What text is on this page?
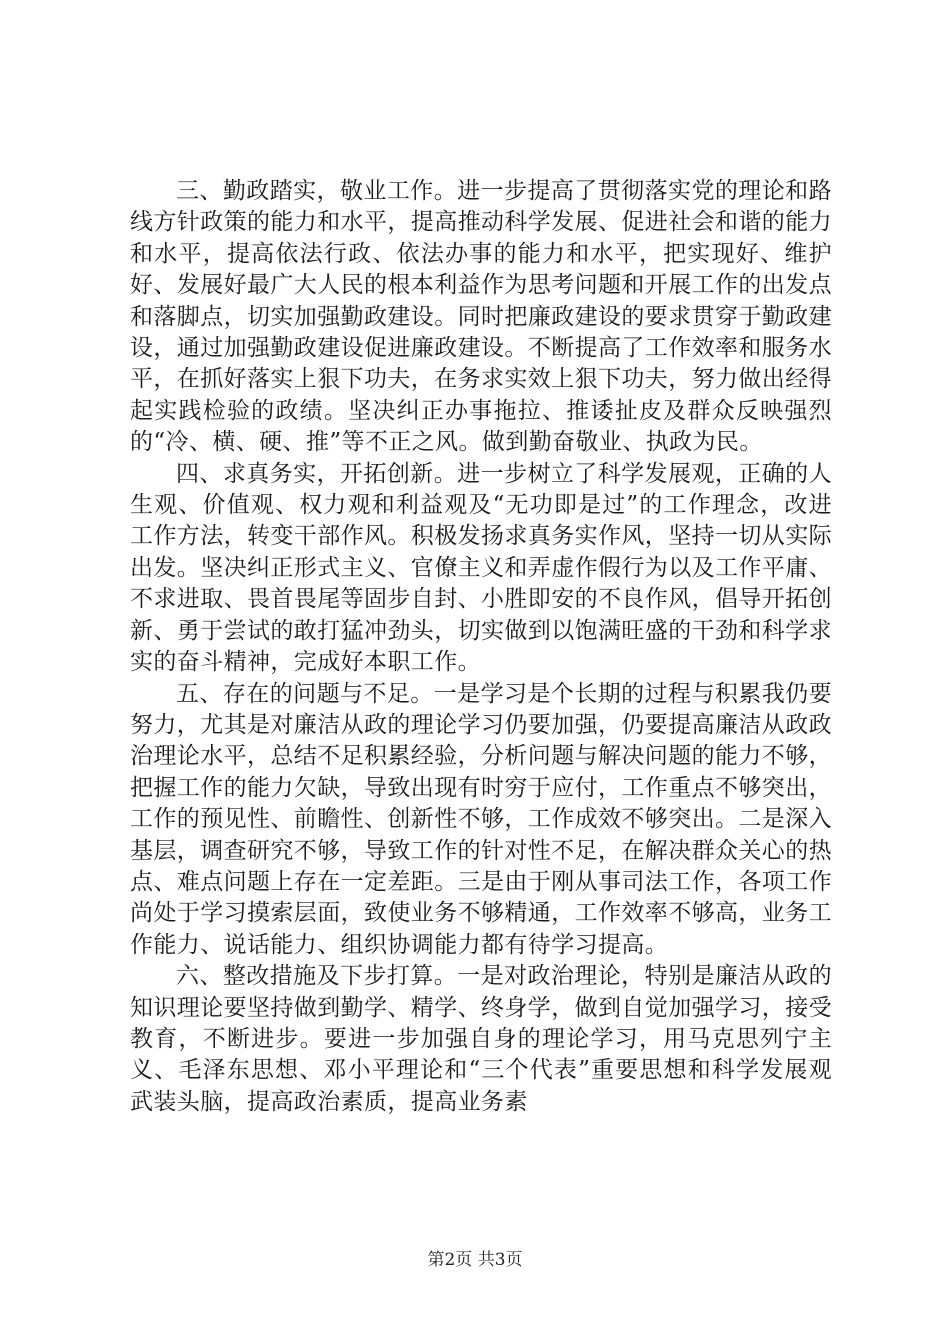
三、勤政踏实，敬业工作。进一步提高了贯彻落实党的理论和路线方针政策的能力和水平，提高推动科学发展、促进社会和谐的能力和水平，提高依法行政、依法办事的能力和水平，把实现好、维护好、发展好最广大人民的根本利益作为思考问题和开展工作的出发点和落脚点，切实加强勤政建设。同时把廉政建设的要求贯穿于勤政建设，通过加强勤政建设促进廉政建设。不断提高了工作效率和服务水平，在抓好落实上狠下功夫，在务求实效上狠下功夫，努力做出经得起实践检验的政绩。坚决纠正办事拖拉、推诿扯皮及群众反映强烈的“冷、横、硬、推”等不正之风。做到勤奋敬业、执政为民。

四、求真务实，开拓创新。进一步树立了科学发展观，正确的人生观、价值观、权力观和利益观及“无功即是过”的工作理念，改进工作方法，转变干部作风。积极发扬求真务实作风，坚持一切从实际出发。坚决纠正形式主义、官僚主义和弄虚作假行为以及工作平庸、不求进取、畏首畏尾等固步自封、小胜即安的不良作风，倡导开拓创新、勇于尝试的敢打猛冲劲头，切实做到以饱满旺盛的干劲和科学求实的奋斗精神，完成好本职工作。

五、存在的问题与不足。一是学习是个长期的过程与积累我仍要努力，尤其是对廉洁从政的理论学习仍要加强，仍要提高廉洁从政政治理论水平，总结不足积累经验，分析问题与解决问题的能力不够，把握工作的能力欠缺，导致出现有时穷于应付，工作重点不够突出，工作的预见性、前瞻性、创新性不够，工作成效不够突出。二是深入基层，调查研究不够，导致工作的针对性不足，在解决群众关心的热点、难点问题上存在一定差距。三是由于刚从事司法工作，各项工作尚处于学习摸索层面，致使业务不够精通，工作效率不够高，业务工作能力、说话能力、组织协调能力都有待学习提高。

六、整改措施及下步打算。一是对政治理论，特别是廉洁从政的知识理论要坚持做到勤学、精学、终身学，做到自觉加强学习，接受教育，不断进步。要进一步加强自身的理论学习，用马克思列宁主义、毛泽东思想、邓小平理论和“三个代表”重要思想和科学发展观武装头脑，提高政治素质，提高业务素

第2页 共3页
